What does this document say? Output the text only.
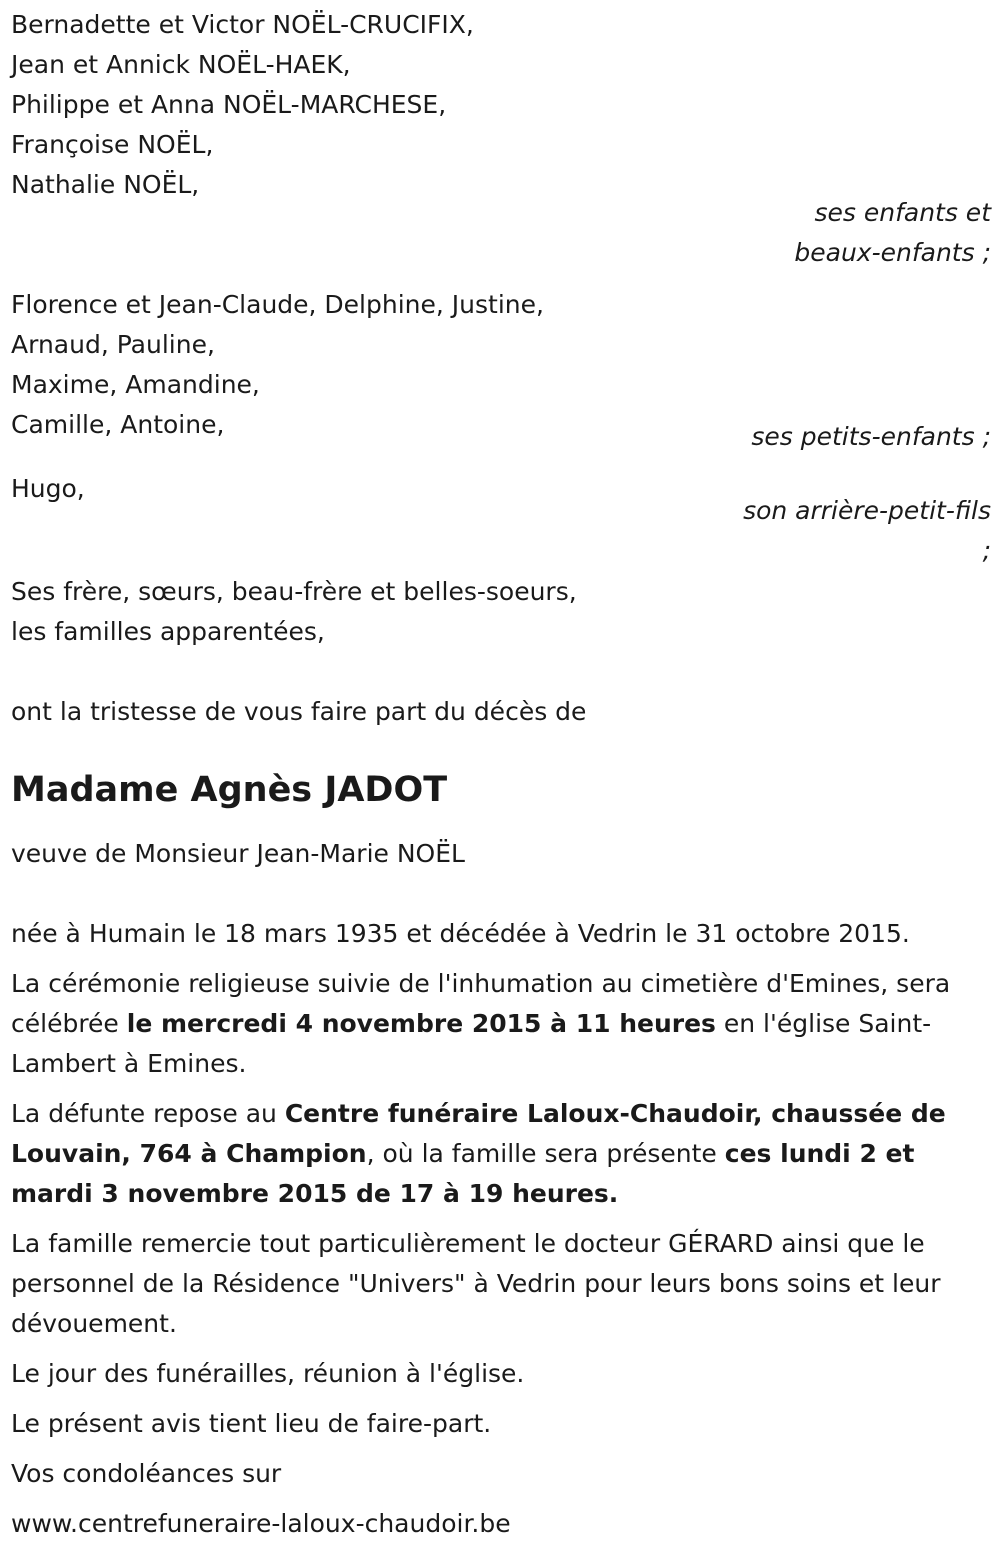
Bernadette et Victor NOËL-CRUCIFIX,
Jean et Annick NOËL-HAEK,
Philippe et Anna NOËL-MARCHESE,
Françoise NOËL,
Nathalie NOËL,
ses enfants et
beaux-enfants ;
Florence et Jean-Claude, Delphine, Justine,
Arnaud, Pauline,
Maxime, Amandine,
Camille, Antoine,	ses petits-enfants ;
Hugo,
son arrière-petit-fils
;
Ses frère, sœurs, beau-frère et belles-soeurs,
les familles apparentées,
ont la tristesse de vous faire part du décès de
Madame Agnès JADOT
veuve de Monsieur Jean-Marie NOËL
née à Humain le 18 mars 1935 et décédée à Vedrin le 31 octobre 2015.

La cérémonie religieuse suivie de l'inhumation au cimetière d'Emines, sera célébrée le mercredi 4 novembre 2015 à 11 heures en l'église Saint-Lambert à Emines.

La défunte repose au Centre funéraire Laloux-Chaudoir, chaussée de Louvain, 764 à Champion, où la famille sera présente ces lundi 2 et mardi 3 novembre 2015 de 17 à 19 heures.

La famille remercie tout particulièrement le docteur GÉRARD ainsi que le personnel de la Résidence "Univers" à Vedrin pour leurs bons soins et leur dévouement.

Le jour des funérailles, réunion à l'église.
Le présent avis tient lieu de faire-part.
Vos condoléances sur
www.centrefuneraire-laloux-chaudoir.be
